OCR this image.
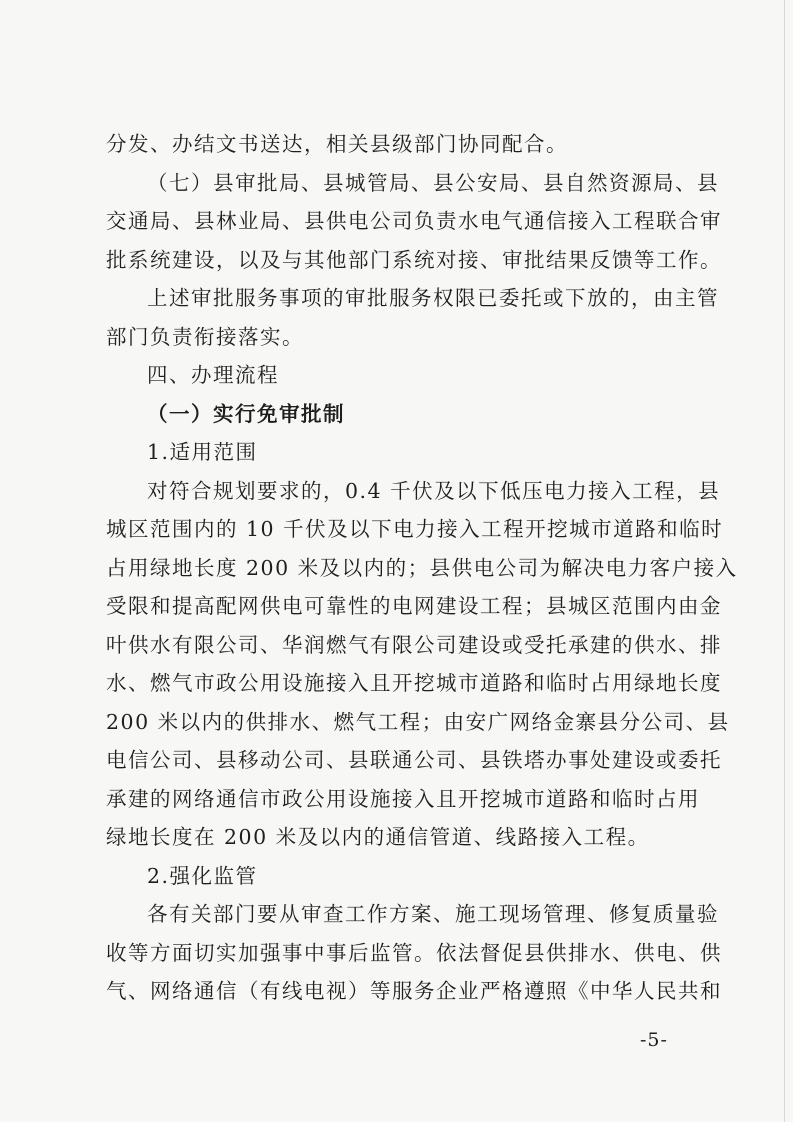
分发、办结文书送达，相关县级部门协同配合。
（七）县审批局、县城管局、县公安局、县自然资源局、县
交通局、县林业局、县供电公司负责水电气通信接入工程联合审
批系统建设，以及与其他部门系统对接、审批结果反馈等工作。
上述审批服务事项的审批服务权限已委托或下放的，由主管
部门负责衔接落实。
四、办理流程
（一）实行免审批制
1.适用范围
对符合规划要求的，0.4 千伏及以下低压电力接入工程，县
城区范围内的 10 千伏及以下电力接入工程开挖城市道路和临时
占用绿地长度 200 米及以内的；县供电公司为解决电力客户接入
受限和提高配网供电可靠性的电网建设工程；县城区范围内由金
叶供水有限公司、华润燃气有限公司建设或受托承建的供水、排
水、燃气市政公用设施接入且开挖城市道路和临时占用绿地长度
200 米以内的供排水、燃气工程；由安广网络金寨县分公司、县
电信公司、县移动公司、县联通公司、县铁塔办事处建设或委托
承建的网络通信市政公用设施接入且开挖城市道路和临时占用
绿地长度在 200 米及以内的通信管道、线路接入工程。
2.强化监管
各有关部门要从审查工作方案、施工现场管理、修复质量验
收等方面切实加强事中事后监管。依法督促县供排水、供电、供
气、网络通信（有线电视）等服务企业严格遵照《中华人民共和
-5-
